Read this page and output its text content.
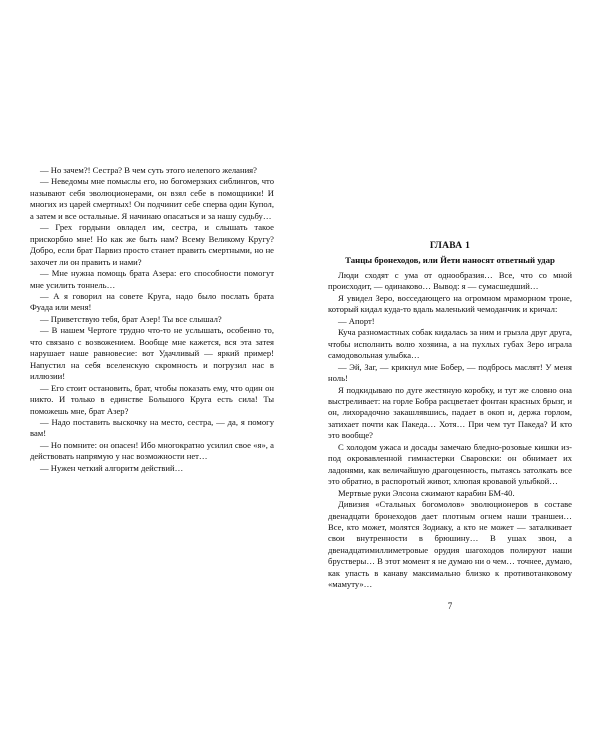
— Но зачем?! Сестра? В чем суть этого нелепого желания?

— Неведомы мне помыслы его, но богомерзких сиблингов, что называют себя эволюционерами, он взял себе в помощники! И многих из царей смертных! Он подчинит себе сперва один Купол, а затем и все остальные. Я начинаю опасаться и за нашу судьбу…

— Грех гордыни овладел им, сестра, и слышать такое прискорбно мне! Но как же быть нам? Всему Великому Кругу? Добро, если брат Парвиз просто станет править смертными, но не захочет ли он править и нами?

— Мне нужна помощь брата Азера: его способности помогут мне усилить тоннель…

— А я говорил на совете Круга, надо было послать брата Фуада или меня!

— Приветствую тебя, брат Азер! Ты все слышал?

— В нашем Чертоге трудно что-то не услышать, особенно то, что связано с возвожением. Вообще мне кажется, вся эта затея нарушает наше равновесие: вот Удачливый — яркий пример! Напустил на себя вселенскую скромность и погрузил нас в иллюзии!

— Его стоит остановить, брат, чтобы показать ему, что один он никто. И только в единстве Большого Круга есть сила! Ты поможешь мне, брат Азер?

— Надо поставить выскочку на место, сестра, — да, я помогу вам!

— Но помните: он опасен! Ибо многократно усилил свое «я», а действовать напрямую у нас возможности нет…

— Нужен четкий алгоритм действий…

ГЛАВА 1
Танцы бронеходов, или Йети наносят ответный удар

Люди сходят с ума от однообразия… Все, что со мной происходит, — одинаково… Вывод: я — сумасшедший…

Я увидел Зеро, восседающего на огромном мраморном троне, который кидал куда-то вдаль маленький чемоданчик и кричал:

— Апорт!

Куча разномастных собак кидалась за ним и грызла друг друга, чтобы исполнить волю хозяина, а на пухлых губах Зеро играла самодовольная улыбка…

— Эй, Заг, — крикнул мне Бобер, — подбрось маслят! У меня ноль!

Я подкидываю по дуге жестяную коробку, и тут же словно она выстреливает: на горле Бобра расцветает фонтан красных брызг, и он, лихорадочно закашлявшись, падает в окоп и, держа горлом, затихает почти как Пакеда… Хотя… При чем тут Пакеда? И кто это вообще?

С холодом ужаса и досады замечаю бледно-розовые кишки из-под окровавленной гимнастерки Сваровски: он обнимает их ладонями, как величайшую драгоценность, пытаясь затолкать все это обратно, в распоротый живот, хлюпая кровавой улыбкой…

Мертвые руки Элсона сжимают карабин БМ-40.

Дивизия «Стальных богомолов» эволюционеров в составе двенадцати бронеходов дает плотным огнем наши траншеи… Все, кто может, молятся Зодиаку, а кто не может — заталкивает свои внутренности в брюшину… В ушах звон, а двенадцатимиллиметровые орудия шагоходов полируют наши брустверы… В этот момент я не думаю ни о чем… точнее, думаю, как упасть в канаву максимально близко к противотанковому «мамуту»…

7
